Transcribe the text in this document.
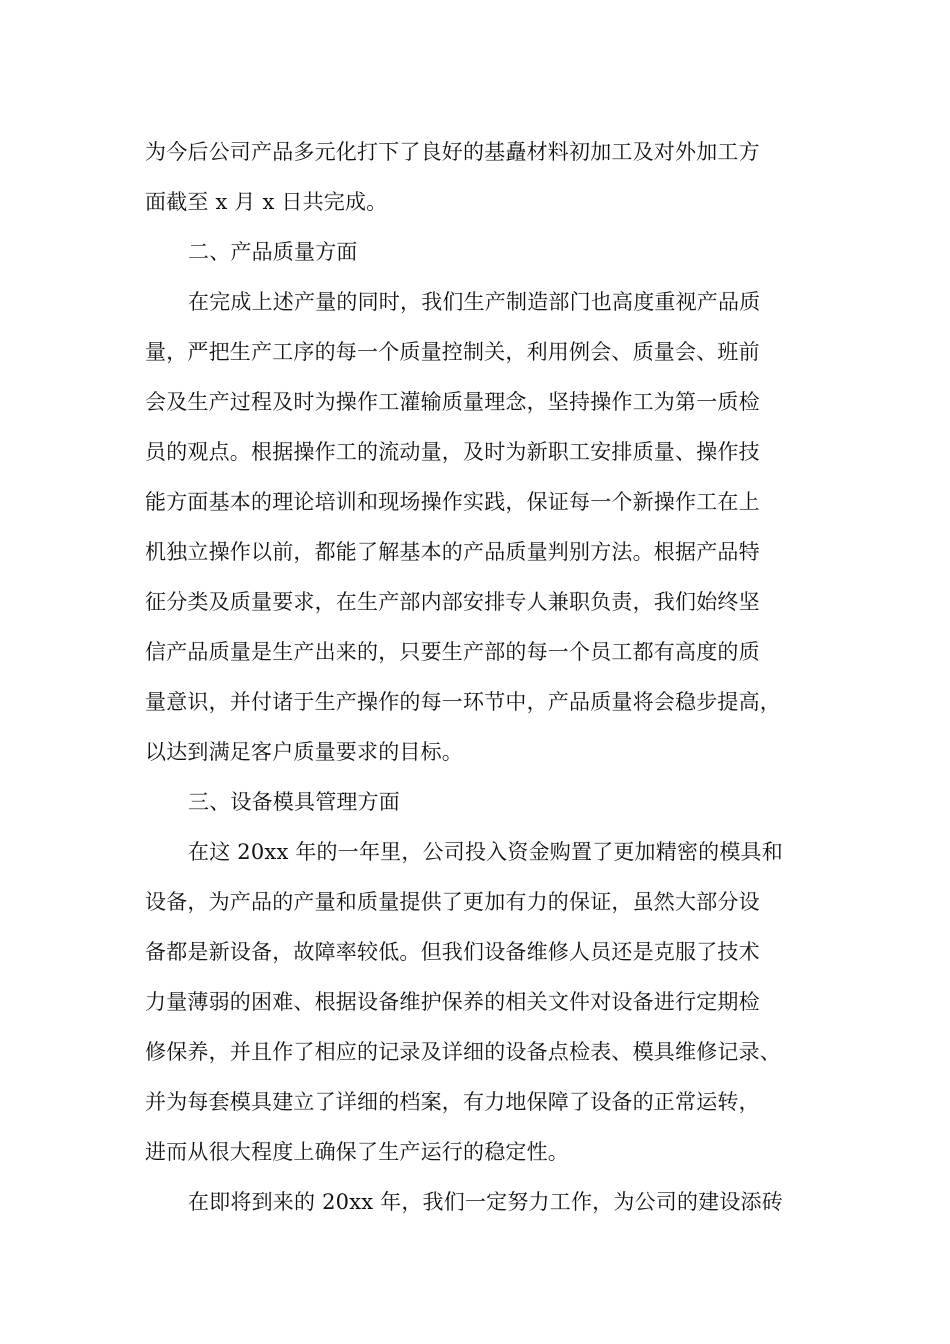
为今后公司产品多元化打下了良好的基矗材料初加工及对外加工方
面截至 x 月 x 日共完成。
二、产品质量方面
在完成上述产量的同时，我们生产制造部门也高度重视产品质
量，严把生产工序的每一个质量控制关，利用例会、质量会、班前
会及生产过程及时为操作工灌输质量理念，坚持操作工为第一质检
员的观点。根据操作工的流动量，及时为新职工安排质量、操作技
能方面基本的理论培训和现场操作实践，保证每一个新操作工在上
机独立操作以前，都能了解基本的产品质量判别方法。根据产品特
征分类及质量要求，在生产部内部安排专人兼职负责，我们始终坚
信产品质量是生产出来的，只要生产部的每一个员工都有高度的质
量意识，并付诸于生产操作的每一环节中，产品质量将会稳步提高，
以达到满足客户质量要求的目标。
三、设备模具管理方面
在这 20xx 年的一年里，公司投入资金购置了更加精密的模具和
设备，为产品的产量和质量提供了更加有力的保证，虽然大部分设
备都是新设备，故障率较低。但我们设备维修人员还是克服了技术
力量薄弱的困难、根据设备维护保养的相关文件对设备进行定期检
修保养，并且作了相应的记录及详细的设备点检表、模具维修记录、
并为每套模具建立了详细的档案，有力地保障了设备的正常运转，
进而从很大程度上确保了生产运行的稳定性。
在即将到来的 20xx 年，我们一定努力工作，为公司的建设添砖
